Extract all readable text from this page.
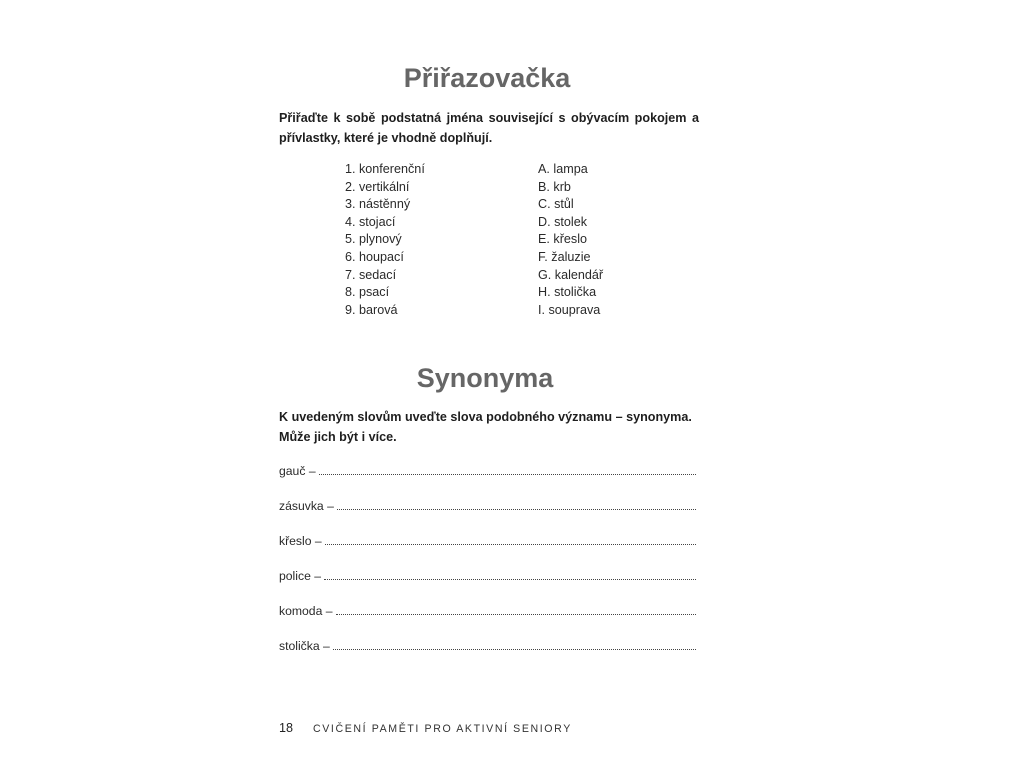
Přiřazovačka

Přiřaďte k sobě podstatná jména související s obývacím pokojem a přívlastky, které je vhodně doplňují.

1. konferenční
2. vertikální
3. nástěnný
4. stojací
5. plynový
6. houpací
7. sedací
8. psací
9. barová
A. lampa
B. krb
C. stůl
D. stolek
E. křeslo
F. žaluzie
G. kalendář
H. stolička
I. souprava
Synonyma
K uvedeným slovům uveďte slova podobného významu – synonyma.
Může jich být i více.
gauč –
zásuvka –
křeslo –
police –
komoda –
stolička –
18 CVIČENÍ PAMĚTI PRO AKTIVNÍ SENIORY
